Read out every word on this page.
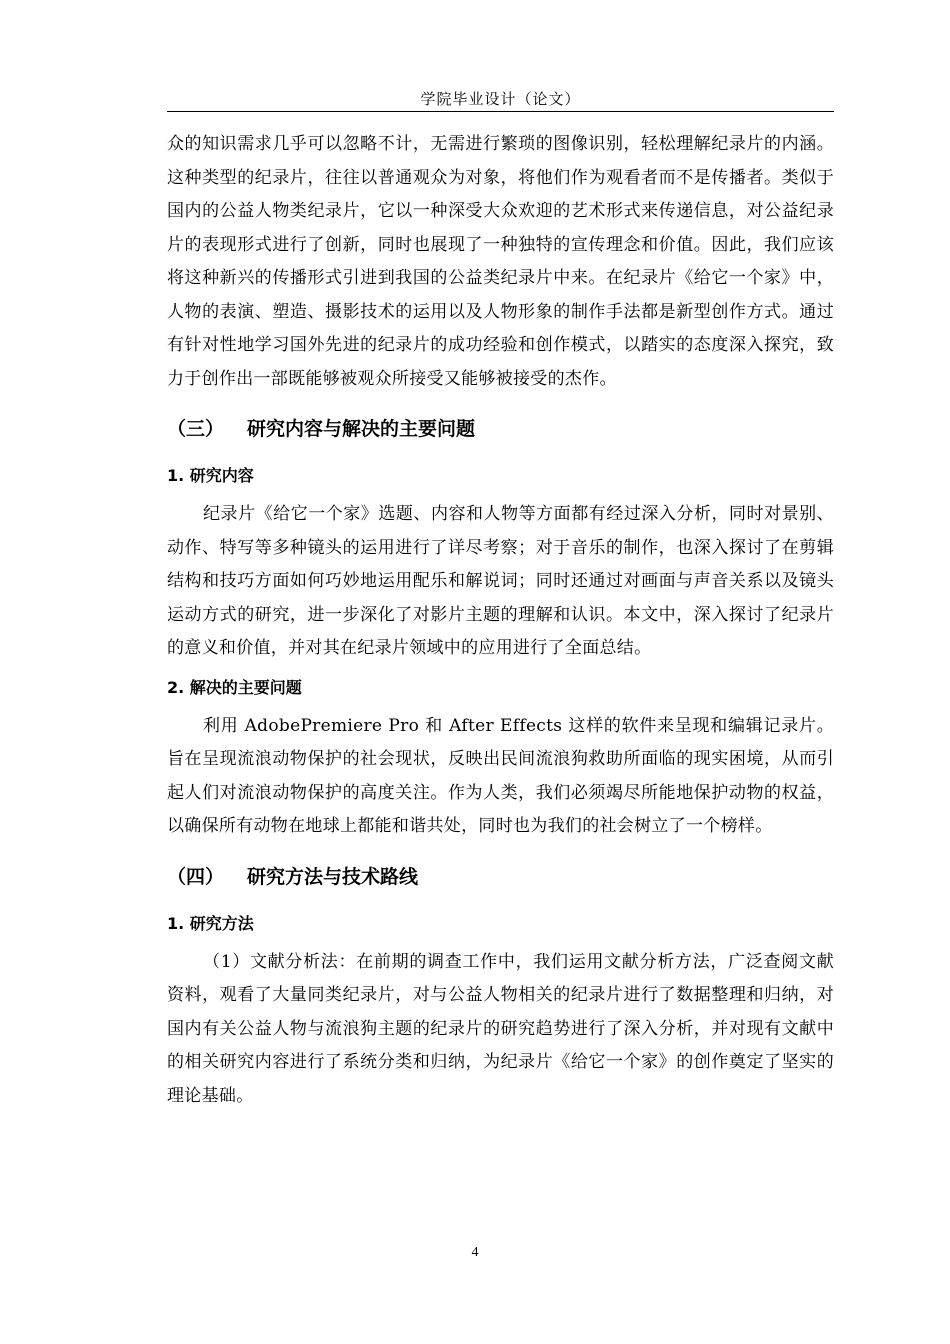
学院毕业设计（论文）

众的知识需求几乎可以忽略不计，无需进行繁琐的图像识别，轻松理解纪录片的内涵。这种类型的纪录片，往往以普通观众为对象，将他们作为观看者而不是传播者。类似于国内的公益人物类纪录片，它以一种深受大众欢迎的艺术形式来传递信息，对公益纪录片的表现形式进行了创新，同时也展现了一种独特的宣传理念和价值。因此，我们应该将这种新兴的传播形式引进到我国的公益类纪录片中来。在纪录片《给它一个家》中，人物的表演、塑造、摄影技术的运用以及人物形象的制作手法都是新型创作方式。通过有针对性地学习国外先进的纪录片的成功经验和创作模式，以踏实的态度深入探究，致力于创作出一部既能够被观众所接受又能够被接受的杰作。

（三） 研究内容与解决的主要问题
1. 研究内容

纪录片《给它一个家》选题、内容和人物等方面都有经过深入分析，同时对景别、动作、特写等多种镜头的运用进行了详尽考察；对于音乐的制作，也深入探讨了在剪辑结构和技巧方面如何巧妙地运用配乐和解说词；同时还通过对画面与声音关系以及镜头运动方式的研究，进一步深化了对影片主题的理解和认识。本文中，深入探讨了纪录片的意义和价值，并对其在纪录片领域中的应用进行了全面总结。

2. 解决的主要问题

利用 AdobePremiere Pro 和 After Effects 这样的软件来呈现和编辑记录片。旨在呈现流浪动物保护的社会现状，反映出民间流浪狗救助所面临的现实困境，从而引起人们对流浪动物保护的高度关注。作为人类，我们必须竭尽所能地保护动物的权益，以确保所有动物在地球上都能和谐共处，同时也为我们的社会树立了一个榜样。

（四） 研究方法与技术路线
1. 研究方法

（1）文献分析法：在前期的调查工作中，我们运用文献分析方法，广泛查阅文献资料，观看了大量同类纪录片，对与公益人物相关的纪录片进行了数据整理和归纳，对国内有关公益人物与流浪狗主题的纪录片的研究趋势进行了深入分析，并对现有文献中的相关研究内容进行了系统分类和归纳，为纪录片《给它一个家》的创作奠定了坚实的理论基础。

4
